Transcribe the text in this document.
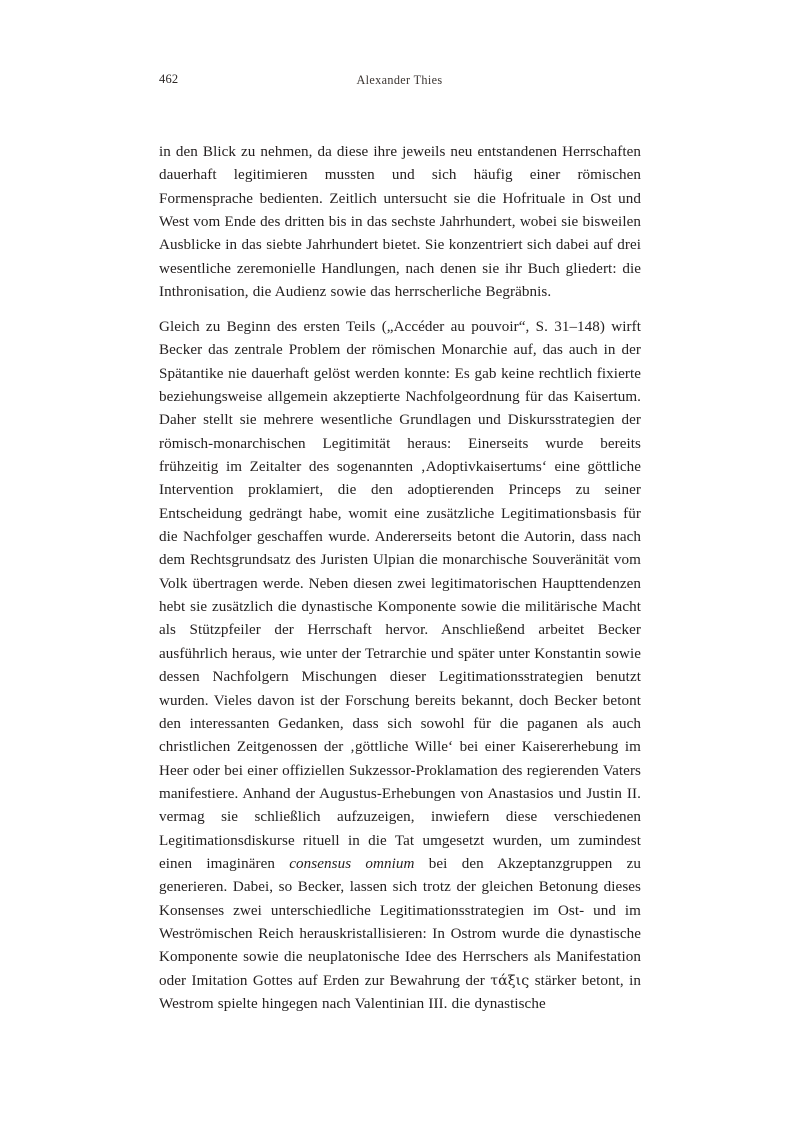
462	Alexander Thies

in den Blick zu nehmen, da diese ihre jeweils neu entstandenen Herrschaften dauerhaft legitimieren mussten und sich häufig einer römischen Formensprache bedienten. Zeitlich untersucht sie die Hofrituale in Ost und West vom Ende des dritten bis in das sechste Jahrhundert, wobei sie bisweilen Ausblicke in das siebte Jahrhundert bietet. Sie konzentriert sich dabei auf drei wesentliche zeremonielle Handlungen, nach denen sie ihr Buch gliedert: die Inthronisation, die Audienz sowie das herrscherliche Begräbnis.

Gleich zu Beginn des ersten Teils („Accéder au pouvoir“, S. 31–148) wirft Becker das zentrale Problem der römischen Monarchie auf, das auch in der Spätantike nie dauerhaft gelöst werden konnte: Es gab keine rechtlich fixierte beziehungsweise allgemein akzeptierte Nachfolgeordnung für das Kaisertum. Daher stellt sie mehrere wesentliche Grundlagen und Diskursstrategien der römisch-monarchischen Legitimität heraus: Einerseits wurde bereits frühzeitig im Zeitalter des sogenannten ‚Adoptivkaisertums‘ eine göttliche Intervention proklamiert, die den adoptierenden Princeps zu seiner Entscheidung gedrängt habe, womit eine zusätzliche Legitimationsbasis für die Nachfolger geschaffen wurde. Andererseits betont die Autorin, dass nach dem Rechtsgrundsatz des Juristen Ulpian die monarchische Souveränität vom Volk übertragen werde. Neben diesen zwei legitimatorischen Haupttendenzen hebt sie zusätzlich die dynastische Komponente sowie die militärische Macht als Stützpfeiler der Herrschaft hervor. Anschließend arbeitet Becker ausführlich heraus, wie unter der Tetrarchie und später unter Konstantin sowie dessen Nachfolgern Mischungen dieser Legitimationsstrategien benutzt wurden. Vieles davon ist der Forschung bereits bekannt, doch Becker betont den interessanten Gedanken, dass sich sowohl für die paganen als auch christlichen Zeitgenossen der ‚göttliche Wille‘ bei einer Kaisererhebung im Heer oder bei einer offiziellen Sukzessor-Proklamation des regierenden Vaters manifestiere. Anhand der Augustus-Erhebungen von Anastasios und Justin II. vermag sie schließlich aufzuzeigen, inwiefern diese verschiedenen Legitimationsdiskurse rituell in die Tat umgesetzt wurden, um zumindest einen imaginären consensus omnium bei den Akzeptanzgruppen zu generieren. Dabei, so Becker, lassen sich trotz der gleichen Betonung dieses Konsenses zwei unterschiedliche Legitimationsstrategien im Ost- und im Weströmischen Reich herauskristallisieren: In Ostrom wurde die dynastische Komponente sowie die neuplatonische Idee des Herrschers als Manifestation oder Imitation Gottes auf Erden zur Bewahrung der τάξις stärker betont, in Westrom spielte hingegen nach Valentinian III. die dynastische
